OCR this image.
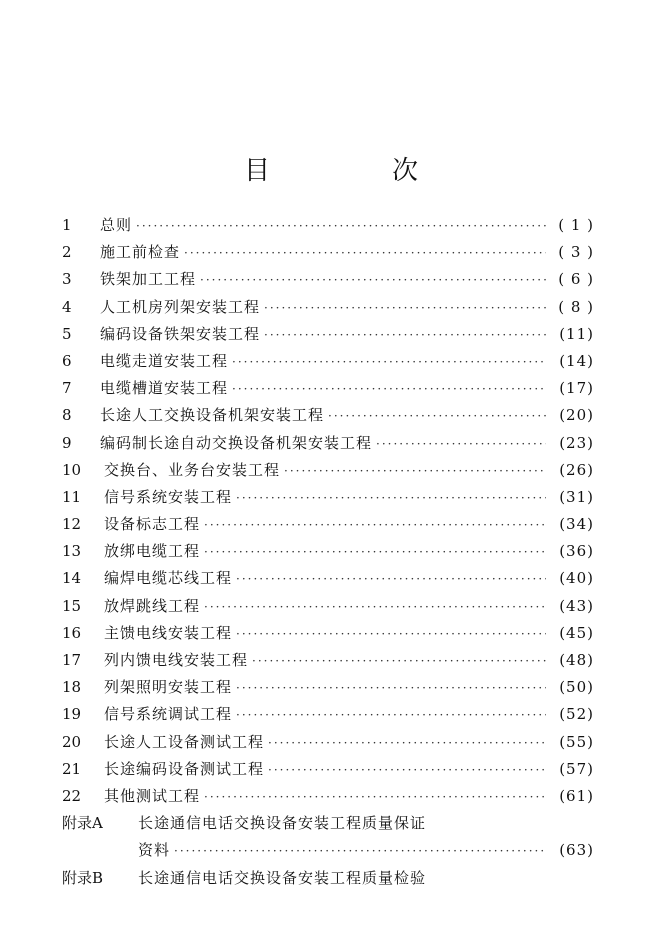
目　次
1	总则 ·····	( 1 )
2	施工前检查 ·····	( 3 )
3	铁架加工工程 ·····	( 6 )
4	人工机房列架安装工程 ·····	( 8 )
5	编码设备铁架安装工程 ·····	(11)
6	电缆走道安装工程 ·····	(14)
7	电缆槽道安装工程 ·····	(17)
8	长途人工交换设备机架安装工程 ·····	(20)
9	编码制长途自动交换设备机架安装工程 ·····	(23)
10	交换台、业务台安装工程 ·····	(26)
11	信号系统安装工程 ·····	(31)
12	设备标志工程 ·····	(34)
13	放绑电缆工程 ·····	(36)
14	编焊电缆芯线工程 ·····	(40)
15	放焊跳线工程 ·····	(43)
16	主馈电线安装工程 ·····	(45)
17	列内馈电线安装工程 ·····	(48)
18	列架照明安装工程 ·····	(50)
19	信号系统调试工程 ·····	(52)
20	长途人工设备测试工程 ·····	(55)
21	长途编码设备测试工程 ·····	(57)
22	其他测试工程 ·····	(61)
附录A	长途通信电话交换设备安装工程质量保证
资料 ·····	(63)
附录B	长途通信电话交换设备安装工程质量检验
